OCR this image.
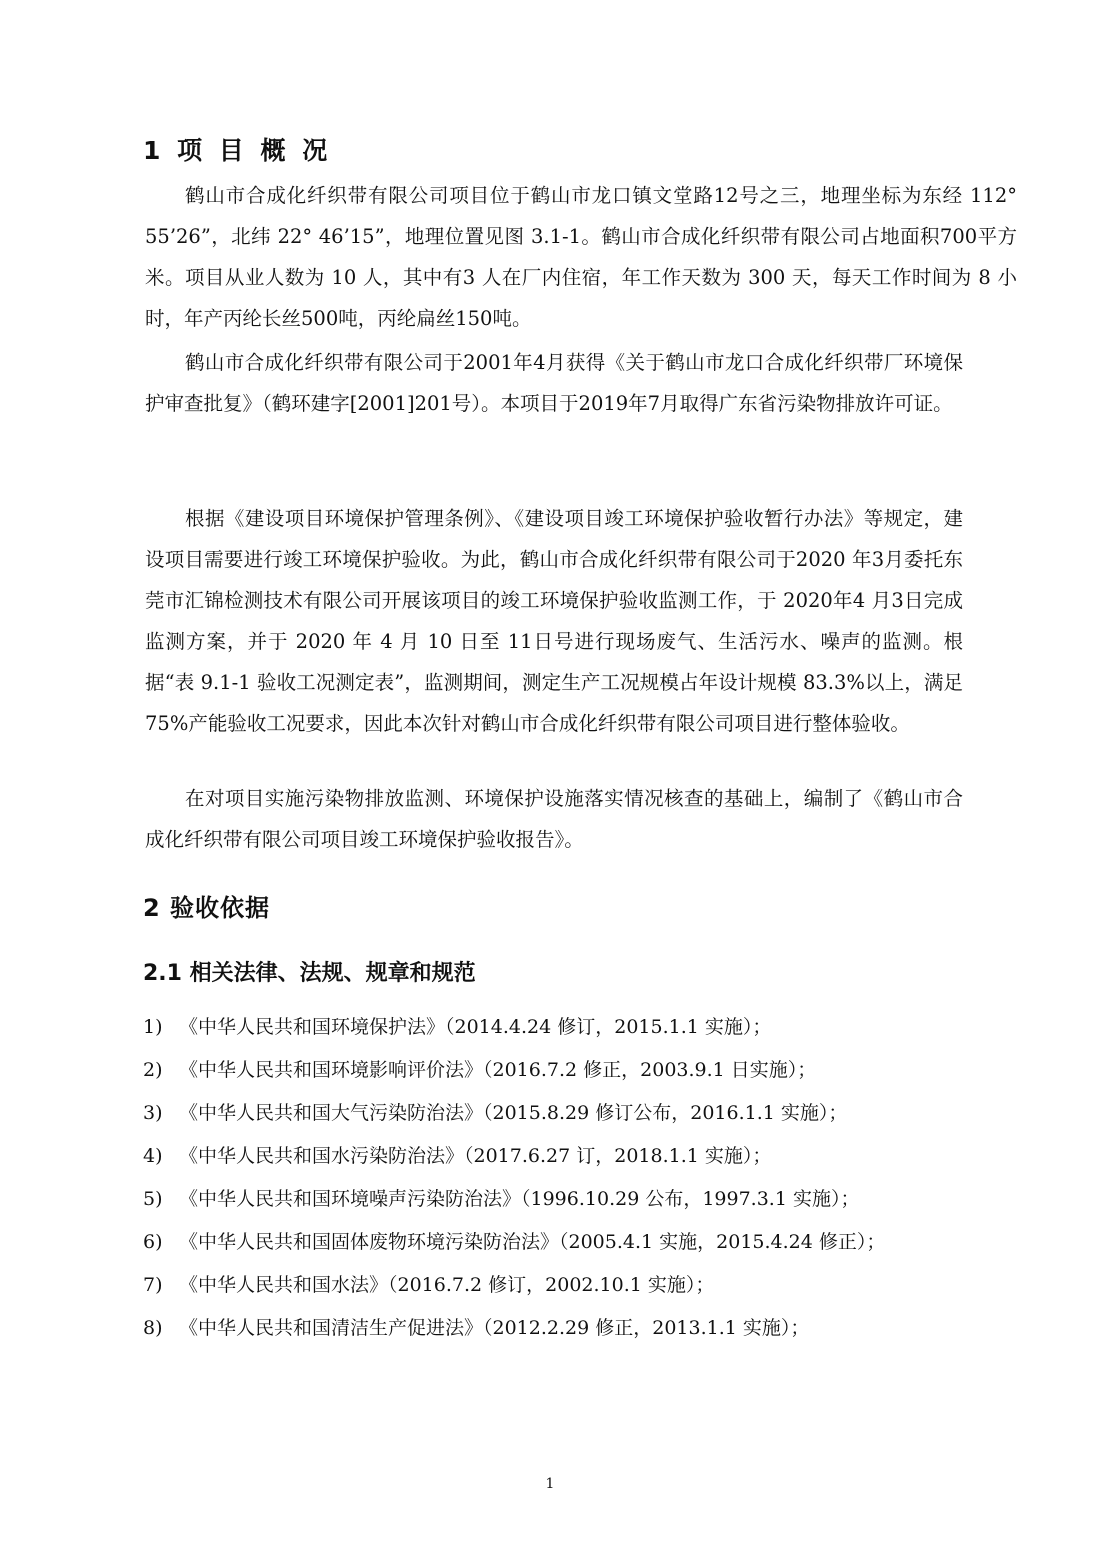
1 项 目 概 况

鹤山市合成化纤织带有限公司项目位于鹤山市龙口镇文堂路12号之三，地理坐标为东经 112° 55’26”，北纬 22° 46’15”，地理位置见图 3.1-1。鹤山市合成化纤织带有限公司占地面积700平方米。项目从业人数为 10 人，其中有3 人在厂内住宿，年工作天数为 300 天，每天工作时间为 8 小时，年产丙纶长丝500吨，丙纶扁丝150吨。

鹤山市合成化纤织带有限公司于2001年4月获得《关于鹤山市龙口合成化纤织带厂环境保护审查批复》（鹤环建字[2001]201号）。本项目于2019年7月取得广东省污染物排放许可证。

根据《建设项目环境保护管理条例》、《建设项目竣工环境保护验收暂行办法》等规定，建设项目需要进行竣工环境保护验收。为此，鹤山市合成化纤织带有限公司于2020 年3月委托东莞市汇锦检测技术有限公司开展该项目的竣工环境保护验收监测工作，于 2020年4 月3日完成监测方案，并于 2020 年 4 月 10 日至 11日号进行现场废气、生活污水、噪声的监测。根据“表 9.1-1 验收工况测定表”，监测期间，测定生产工况规模占年设计规模 83.3%以上，满足 75%产能验收工况要求，因此本次针对鹤山市合成化纤织带有限公司项目进行整体验收。

在对项目实施污染物排放监测、环境保护设施落实情况核查的基础上，编制了《鹤山市合成化纤织带有限公司项目竣工环境保护验收报告》。

2 验收依据
2.1 相关法律、法规、规章和规范
1) 《中华人民共和国环境保护法》（2014.4.24 修订，2015.1.1 实施）；
2) 《中华人民共和国环境影响评价法》（2016.7.2 修正，2003.9.1 日实施）；
3) 《中华人民共和国大气污染防治法》（2015.8.29 修订公布，2016.1.1 实施）；
4) 《中华人民共和国水污染防治法》（2017.6.27 订，2018.1.1 实施）；
5) 《中华人民共和国环境噪声污染防治法》（1996.10.29 公布，1997.3.1 实施）；
6) 《中华人民共和国固体废物环境污染防治法》（2005.4.1 实施，2015.4.24 修正）；
7) 《中华人民共和国水法》（2016.7.2 修订，2002.10.1 实施）；
8) 《中华人民共和国清洁生产促进法》（2012.2.29 修正，2013.1.1 实施）；
1
